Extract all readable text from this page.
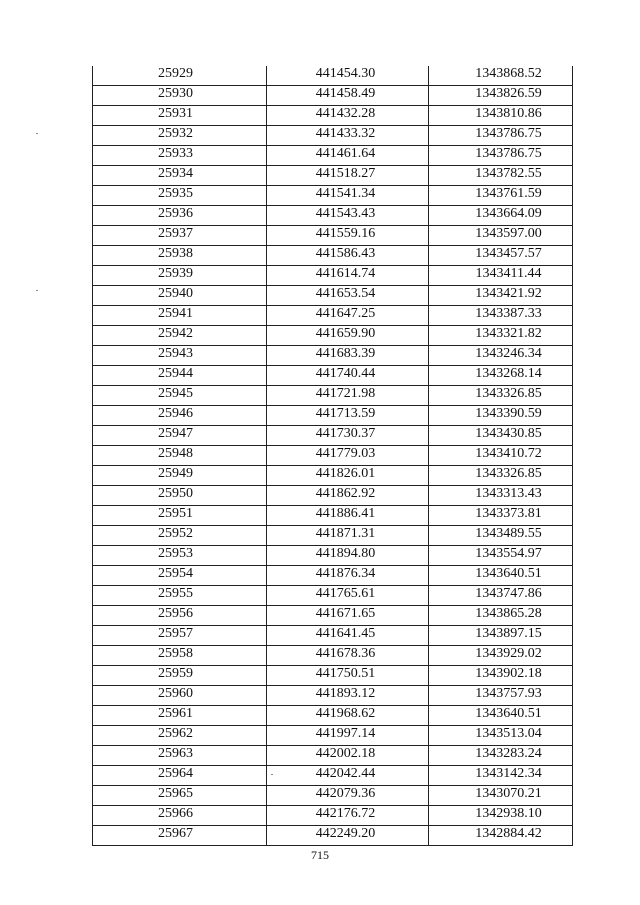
25929	441454.30	1343868.52
25930	441458.49	1343826.59
25931	441432.28	1343810.86
25932	441433.32	1343786.75
25933	441461.64	1343786.75
25934	441518.27	1343782.55
25935	441541.34	1343761.59
25936	441543.43	1343664.09
25937	441559.16	1343597.00
25938	441586.43	1343457.57
25939	441614.74	1343411.44
25940	441653.54	1343421.92
25941	441647.25	1343387.33
25942	441659.90	1343321.82
25943	441683.39	1343246.34
25944	441740.44	1343268.14
25945	441721.98	1343326.85
25946	441713.59	1343390.59
25947	441730.37	1343430.85
25948	441779.03	1343410.72
25949	441826.01	1343326.85
25950	441862.92	1343313.43
25951	441886.41	1343373.81
25952	441871.31	1343489.55
25953	441894.80	1343554.97
25954	441876.34	1343640.51
25955	441765.61	1343747.86
25956	441671.65	1343865.28
25957	441641.45	1343897.15
25958	441678.36	1343929.02
25959	441750.51	1343902.18
25960	441893.12	1343757.93
25961	441968.62	1343640.51
25962	441997.14	1343513.04
25963	442002.18	1343283.24
25964	442042.44	1343142.34
25965	442079.36	1343070.21
25966	442176.72	1342938.10
25967	442249.20	1342884.42
715
